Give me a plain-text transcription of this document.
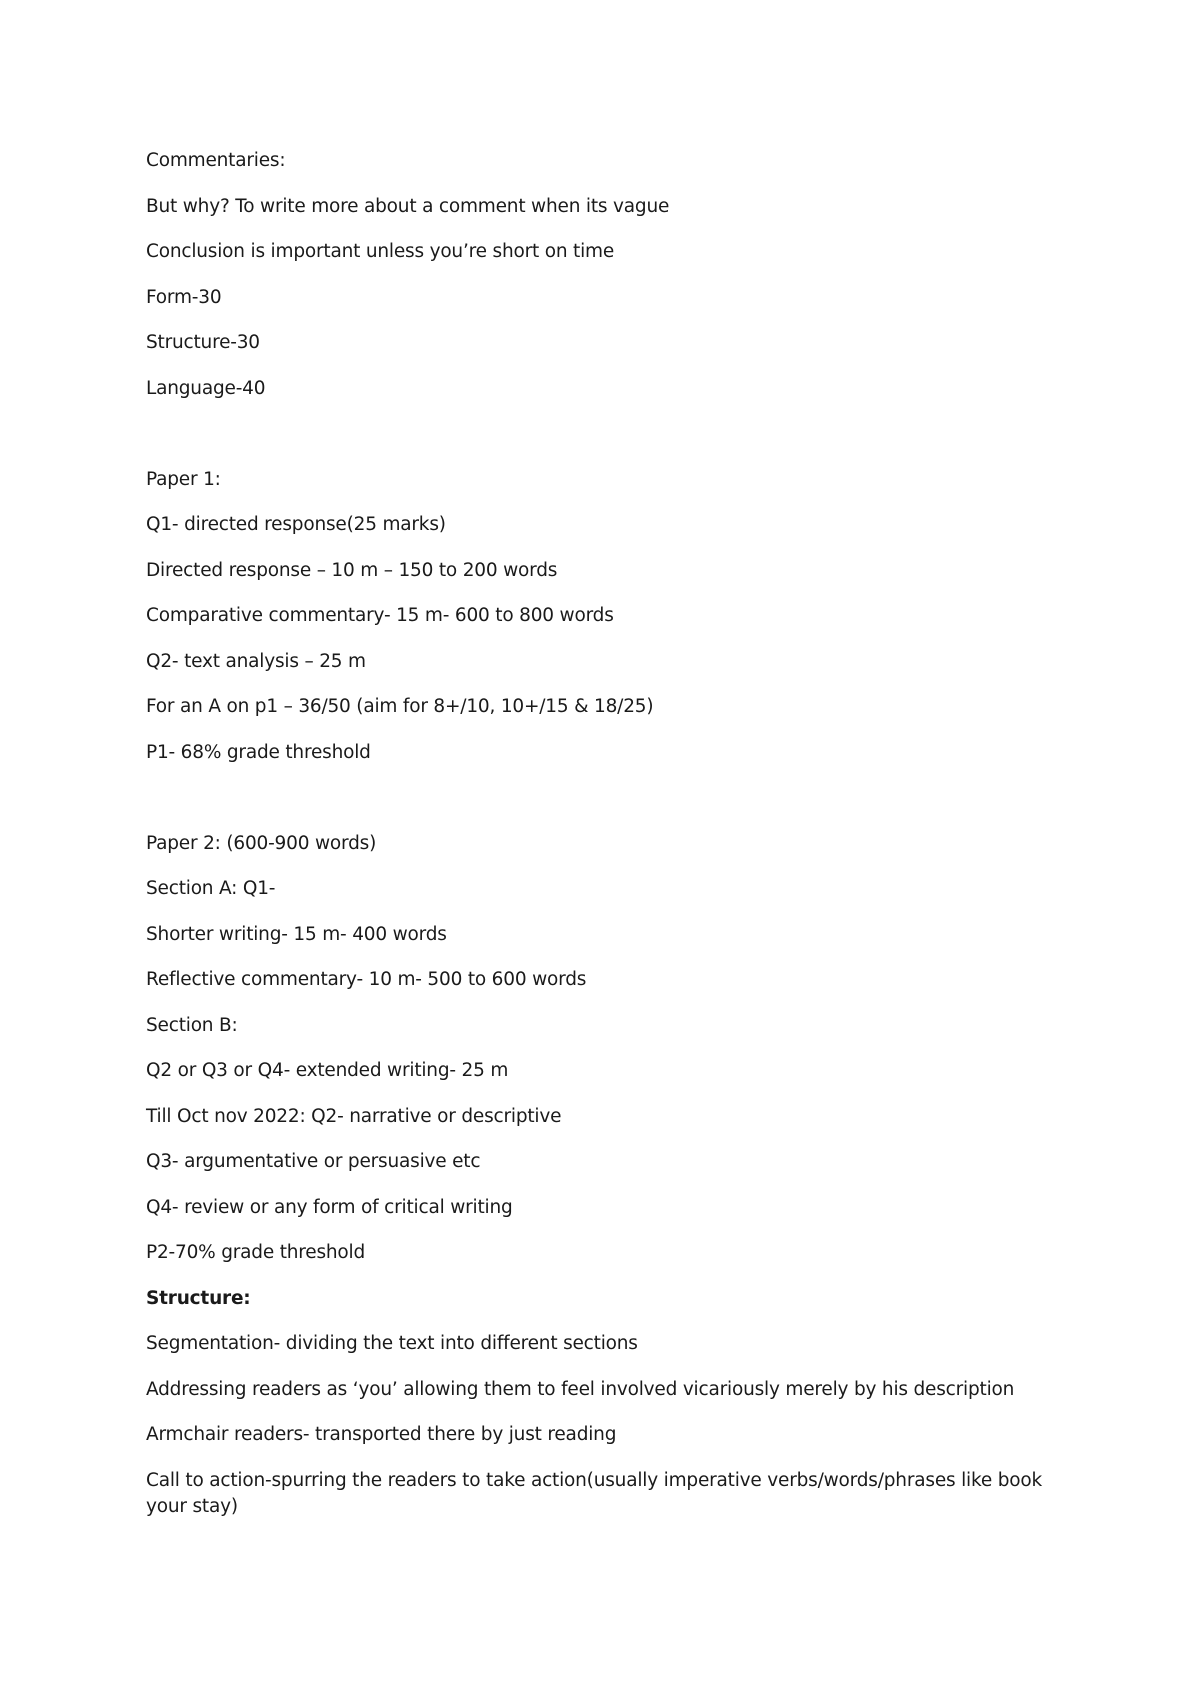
Commentaries:
But why? To write more about a comment when its vague
Conclusion is important unless you’re short on time
Form-30
Structure-30
Language-40
Paper 1:
Q1- directed response(25 marks)
Directed response – 10 m – 150 to 200 words
Comparative commentary- 15 m- 600 to 800 words
Q2- text analysis – 25 m
For an A on p1 – 36/50 (aim for 8+/10, 10+/15 & 18/25)
P1- 68% grade threshold
Paper 2: (600-900 words)
Section A: Q1-
Shorter writing- 15 m- 400 words
Reflective commentary- 10 m- 500 to 600 words
Section B:
Q2 or Q3 or Q4- extended writing- 25 m
Till Oct nov 2022: Q2- narrative or descriptive
Q3- argumentative or persuasive etc
Q4- review or any form of critical writing
P2-70% grade threshold
Structure:
Segmentation- dividing the text into different sections
Addressing readers as ‘you’ allowing them to feel involved vicariously merely by his description
Armchair readers- transported there by just reading
Call to action-spurring the readers to take action(usually imperative verbs/words/phrases like book your stay)
